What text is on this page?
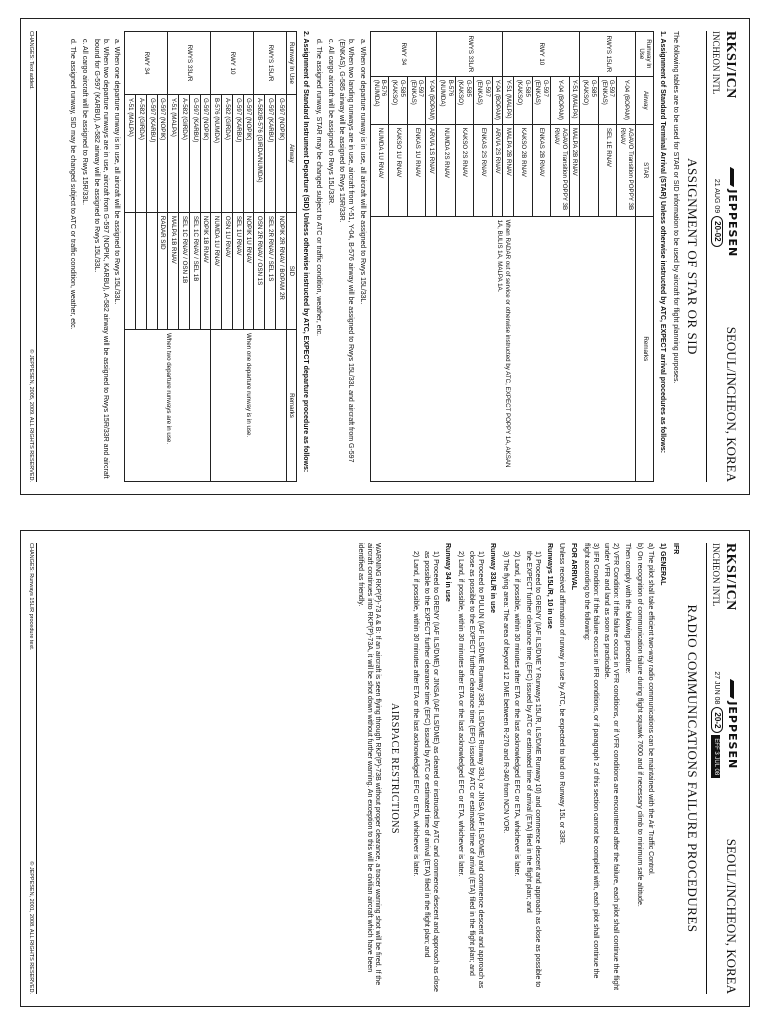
RKSI/ICN
INCHEON INTL
JEPPESEN
21 AUG 0920-02
SEOUL/INCHEON, KOREA
ASSIGNMENT OF STAR OR SID

The following tables are to be used for STAR or SID information to be used by aircraft for flight planning purposes.

1. Assignment of Standard Terminal Arrival (STAR) Unless otherwise instructed by ATC, EXPECT arrival procedures as follows:

Runway In Use	Airway	STAR	Remarks
RWYS 15L/R	Y-04 (BOPAM)	AGAVO Transition POPPY 3B RNAV	When RADAR out of service or otherwise instructed by ATC, EXPECT POPPY 1A, AKSAN 1A, BULIS 1A, MALPA 1A.
	G-597 (ENKAS)	SEL 1E RNAV	
	G-585 (KAKSO)		
RWY 10	Y-51 (MALPA)	MALPA 2B RNAV	
	Y-04 (BOPAM)	AGAVO Transition POPPY 3B RNAV	
	G-597 (ENKAS)	ENKAS 2B RNAV	
	G-585 (KAKSO)	KAKSO 2B RNAV	
	Y-51 (MALPA)	MALPA 2B RNAV	
RWYS 33L/R	Y-04 (BOPAM)	ARVIA 2S RNAV	
	G-597 (ENKAS)	ENKAS 2S RNAV	
	G-585 (KAKSO)	KAKSO 2S RNAV	
	B-576 (NUMDA)	NUMDA 2S RNAV	
RWY 34	Y-04 (BOPAM)	ARVIA 1S RNAV	
	G-597 (ENKAS)	ENKAS 1U RNAV	
	G-585 (KAKSO)	KAKSO 1U RNAV	
	B-576 (NUMDA)	NUMDA 1U RNAV	

a. When one departure runway is in use, all aircraft will be assigned to Rwys 15L/33L.

b. When two landing runways are in use, aircraft from Y-51, Y-04, B-576 airway will be assigned to Rwys 15L/33L and aircraft from G-597 (ENKAS), G-585 airway will be assigned to Rwys 15R/33R.

c. All cargo aircraft will be assigned to Rwys 15L/33R.

d. The assigned runway, STAR may be changed subject to ATC or traffic condition, weather, etc.

2. Assignment of Standard Instrument Departure (SID) Unless otherwise instructed by ATC, EXPECT departure procedure as follows:

Runway In Use	Airway	SID	Remarks
RWYS 15L/R	G-597 (NOPIK)	NOPIK 2R RNAV / BOPAM 2R	When one departure runway is in use.
	G-597 (KARBU)	SEL 2R RNAV / SEL 1S	
	A-582/B-576 (GIRDA/NUMDA)	OSN 2R RNAV / OSN 1S	
RWY 10	G-597 (NOPIK)	NOPIK 1U RNAV	
	G-597 (KARBU)	SEL 1U RNAV	
	A-582 (GIRDA)	OSN 1U RNAV	
	B-576 (NUMDA)	NUMDA 1U RNAV	
RWYS 33L/R	G-597 (NOPIK)	NOPIK 1B RNAV	When two departure runways are in use.
	G-597 (KARBU)	SEL 1C RNAV / SEL 1B	
	A-582 (GIRDA)	SEL 1C RNAV / OSN 1B	
	Y-51 (MALPA)	MALPA 1B RNAV	
RWY 34	G-597 (NOPIK)	RADAR SID	
	G-597 (KARBU)		
	A-582 (GIRDA)		
	Y-51 (MALPA)		

a. When one departure runway is in use, all aircraft will be assigned to Rwys 15L/33L.

b. When two departure runways are in use, aircraft from G-597 (NOPIK, KARBU), A-582 airway will be assigned to Rwys 15R/33R and aircraft bound for G-597 (KARBU), A-582 airway will be assigned to Rwys 15L/33L.

c. All cargo aircraft will be assigned to Rwys 15R/33L.

d. The assigned runway, SID may be changed subject to ATC or traffic condition, weather, etc.

CHANGES: Text added.
© JEPPESEN, 2005, 2009. ALL RIGHTS RESERVED.
RKSI/ICN
INCHEON INTL
JEPPESEN
27 JUN 0820-2EFF 3 JUL 08
SEOUL/INCHEON, KOREA
RADIO COMMUNICATIONS FAILURE PROCEDURES

IFR

1) GENERAL

a) The pilot shall take efficient two-way radio communications can be maintained with the Air Traffic Control.

b) On recognition of communication failure during flight squawk 7600 and if necessary climb to minimum safe altitude.

Then comply with the following procedure:

2) VFR Condition: If the failure occurs in VFR conditions, or if VFR conditions are encountered after the failure, each pilot shall continue the flight under VFR and land as soon as practicable.

3) IFR Condition: If the failure occurs in IFR conditions, or if paragraph 2 of this section cannot be complied with, each pilot shall continue the flight according to the following:

FOR ARRIVAL

Unless received affirmation of runway in use by ATC, be expected to land on Runway 15L or 33R.

Runways 15L/R, 10 in use

1) Proceed to GRENY (IAF ILS/DME Y Runways 15L/R, ILS/DME Runway 10) and commence descent and approach as close as possible to the EXPECT further clearance time (EFC) issued by ATC or estimated time of arrival (ETA) filed in the flight plan; and

2) Land, if possible, within 30 minutes after ETA or the last acknowledged EFC or ETA, whichever is later.

3) The flying area: The area of beyond 12 DME between R-270 and R-340 from NCN VOR.

Runway 33L/R in use

1) Proceed to PULUN (IAF ILS/DME Runway 33R, ILS/DME Runway 33L) or JINSA (IAF ILS/DME) and commence descent and approach as close as possible to the EXPECT further clearance time (EFC) issued by ATC or estimated time of arrival (ETA) filed in the flight plan; and

2) Land, if possible, within 30 minutes after ETA or the last acknowledged EFC or ETA, whichever is later.

Runway 34 in use

1) Proceed to GRENY (IAF ILS/DME) or JINSA (IAF ILS/DME) as cleared or instructed by ATC and commence descent and approach as close as possible to the EXPECT further clearance time (EFC) issued by ATC or estimated time of arrival (ETA) filed in the flight plan; and

2) Land, if possible, within 30 minutes after ETA or the last acknowledged EFC or ETA, whichever is later.

AIRSPACE RESTRICTIONS

WARNING RKP(P)-73 A & B: If an aircraft is seen flying through RKP(P)-73B without proper clearance, a tracer warning shot will be fired. If the aircraft continues into RKP(P)-73A, it will be shot down without further warning. An exception to this will be civilian aircraft which have been identified as friendly.

CHANGES: Runways 15L/R procedure text.
© JEPPESEN, 2001, 2008. ALL RIGHTS RESERVED.
